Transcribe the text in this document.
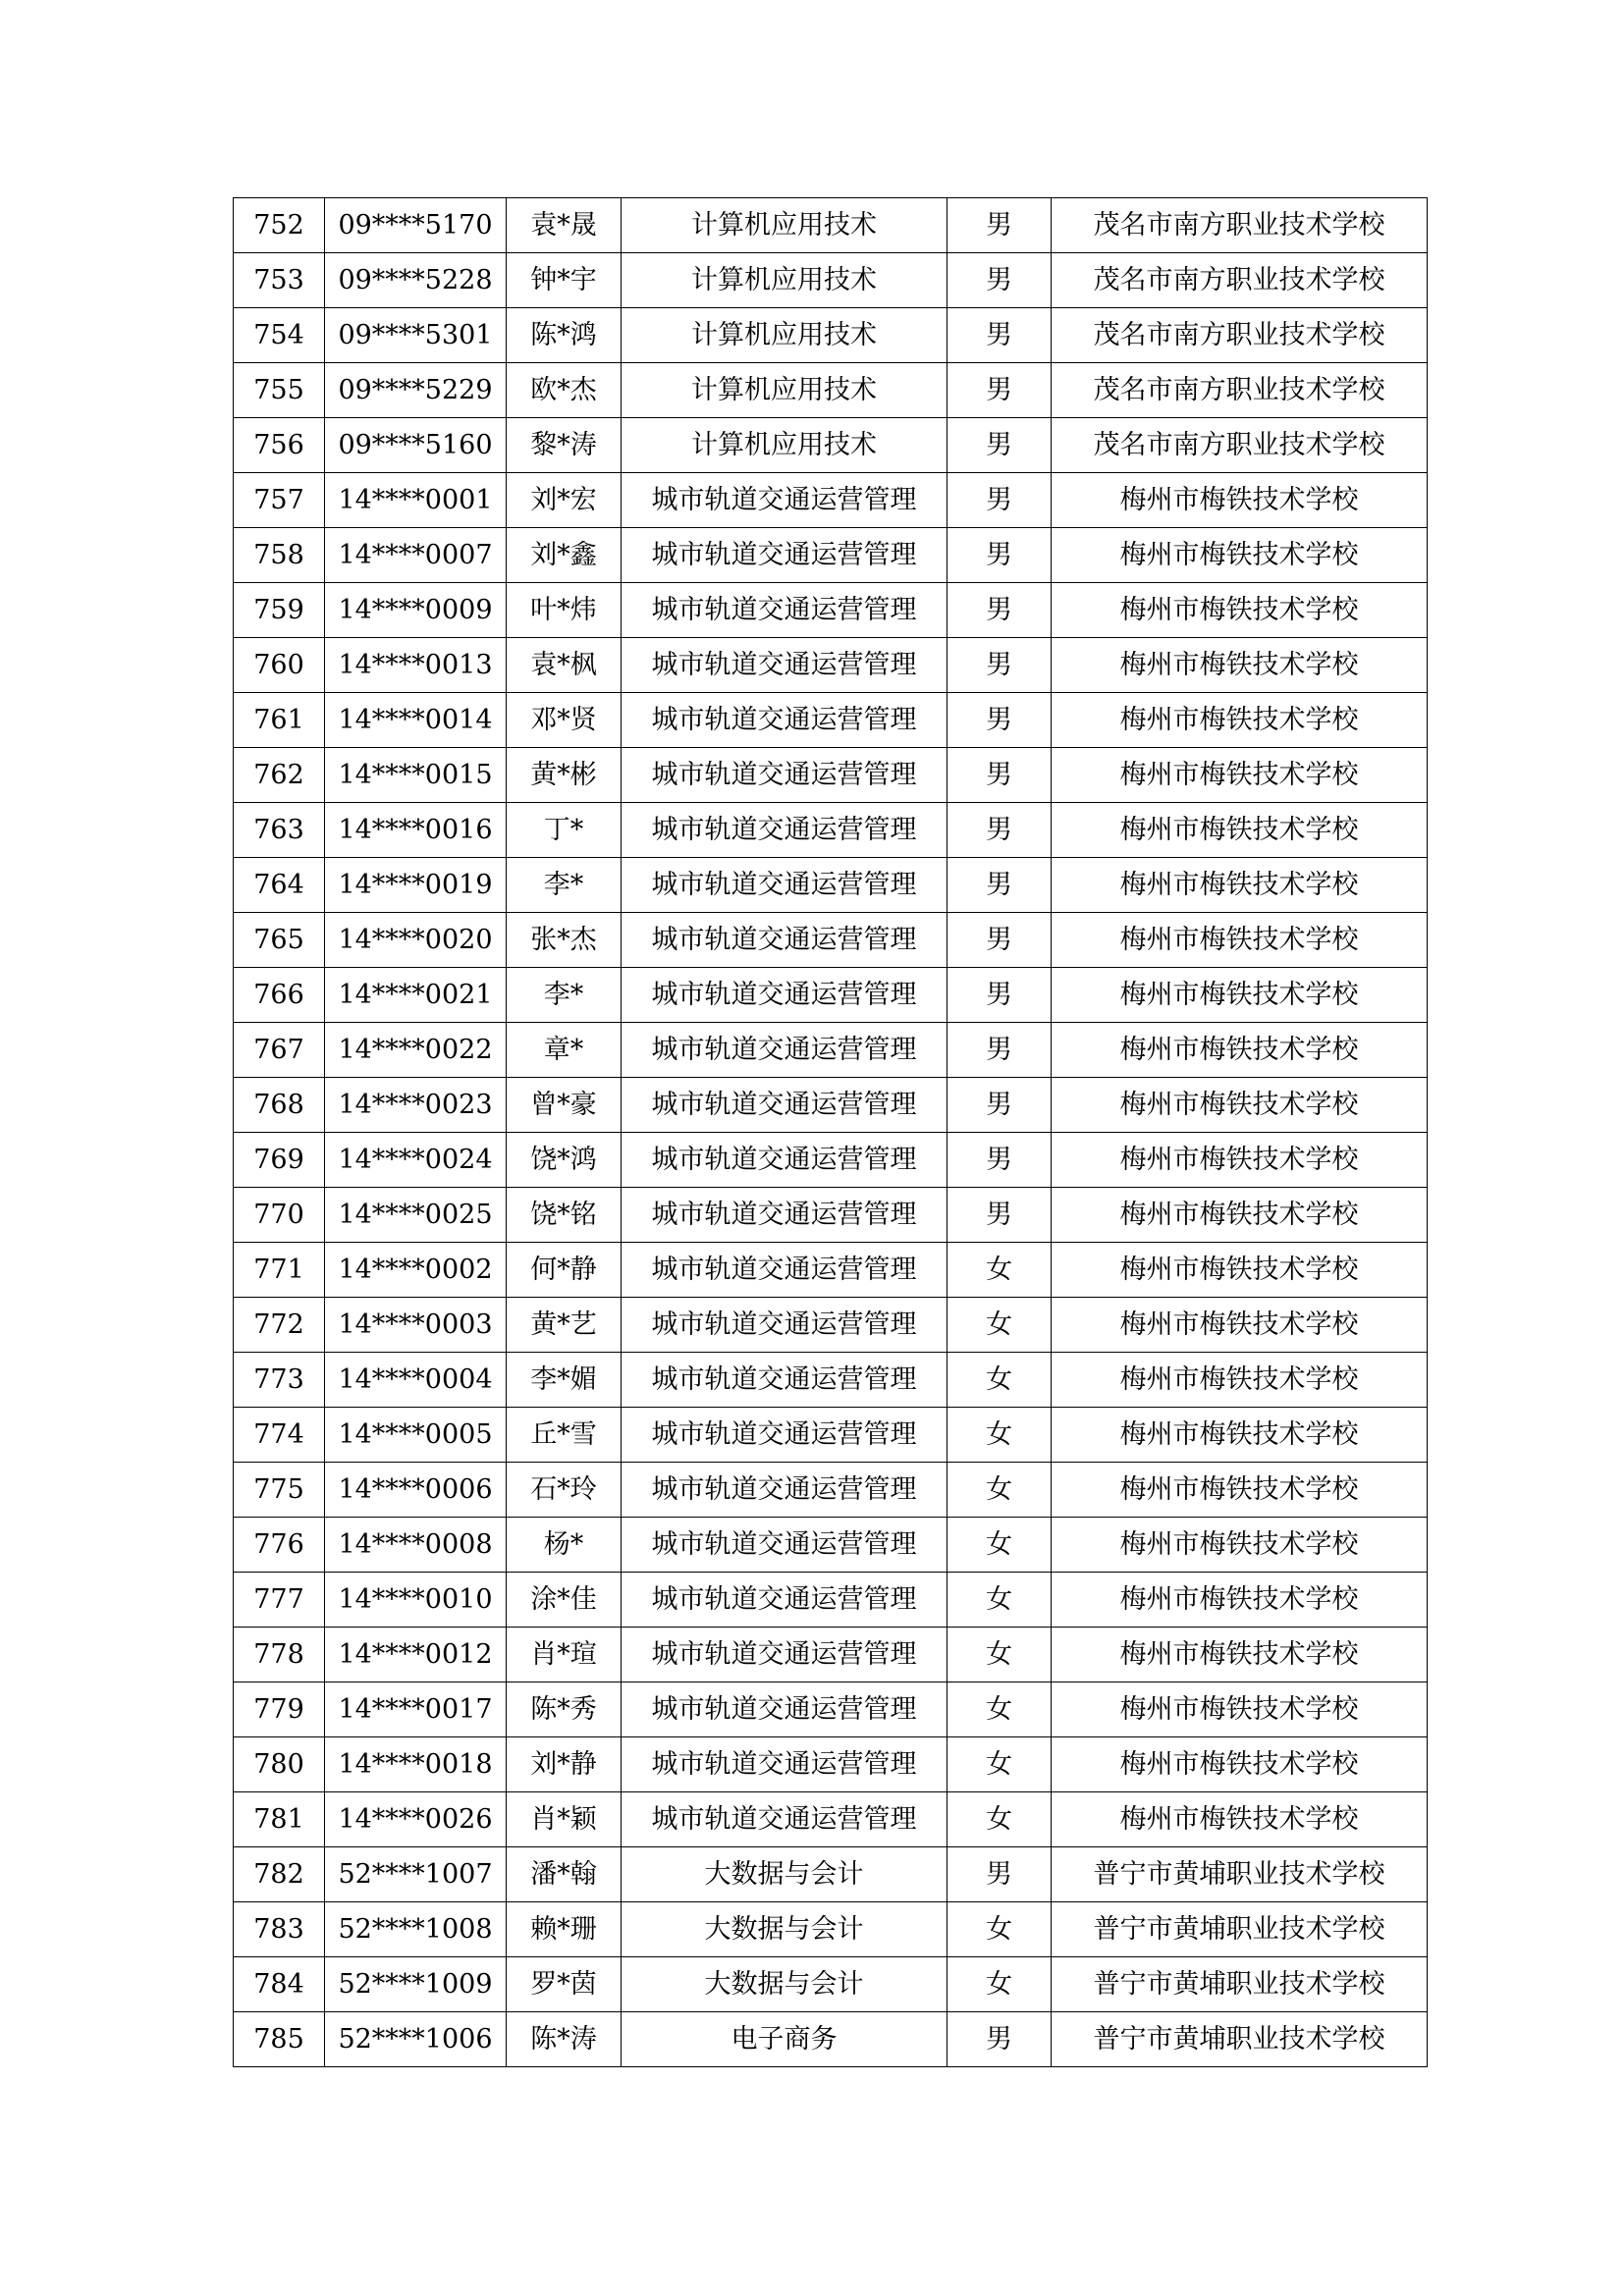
752	09****5170	袁*晟	计算机应用技术	男	茂名市南方职业技术学校
753	09****5228	钟*宇	计算机应用技术	男	茂名市南方职业技术学校
754	09****5301	陈*鸿	计算机应用技术	男	茂名市南方职业技术学校
755	09****5229	欧*杰	计算机应用技术	男	茂名市南方职业技术学校
756	09****5160	黎*涛	计算机应用技术	男	茂名市南方职业技术学校
757	14****0001	刘*宏	城市轨道交通运营管理	男	梅州市梅铁技术学校
758	14****0007	刘*鑫	城市轨道交通运营管理	男	梅州市梅铁技术学校
759	14****0009	叶*炜	城市轨道交通运营管理	男	梅州市梅铁技术学校
760	14****0013	袁*枫	城市轨道交通运营管理	男	梅州市梅铁技术学校
761	14****0014	邓*贤	城市轨道交通运营管理	男	梅州市梅铁技术学校
762	14****0015	黄*彬	城市轨道交通运营管理	男	梅州市梅铁技术学校
763	14****0016	丁*	城市轨道交通运营管理	男	梅州市梅铁技术学校
764	14****0019	李*	城市轨道交通运营管理	男	梅州市梅铁技术学校
765	14****0020	张*杰	城市轨道交通运营管理	男	梅州市梅铁技术学校
766	14****0021	李*	城市轨道交通运营管理	男	梅州市梅铁技术学校
767	14****0022	章*	城市轨道交通运营管理	男	梅州市梅铁技术学校
768	14****0023	曾*豪	城市轨道交通运营管理	男	梅州市梅铁技术学校
769	14****0024	饶*鸿	城市轨道交通运营管理	男	梅州市梅铁技术学校
770	14****0025	饶*铭	城市轨道交通运营管理	男	梅州市梅铁技术学校
771	14****0002	何*静	城市轨道交通运营管理	女	梅州市梅铁技术学校
772	14****0003	黄*艺	城市轨道交通运营管理	女	梅州市梅铁技术学校
773	14****0004	李*媚	城市轨道交通运营管理	女	梅州市梅铁技术学校
774	14****0005	丘*雪	城市轨道交通运营管理	女	梅州市梅铁技术学校
775	14****0006	石*玲	城市轨道交通运营管理	女	梅州市梅铁技术学校
776	14****0008	杨*	城市轨道交通运营管理	女	梅州市梅铁技术学校
777	14****0010	涂*佳	城市轨道交通运营管理	女	梅州市梅铁技术学校
778	14****0012	肖*瑄	城市轨道交通运营管理	女	梅州市梅铁技术学校
779	14****0017	陈*秀	城市轨道交通运营管理	女	梅州市梅铁技术学校
780	14****0018	刘*静	城市轨道交通运营管理	女	梅州市梅铁技术学校
781	14****0026	肖*颖	城市轨道交通运营管理	女	梅州市梅铁技术学校
782	52****1007	潘*翰	大数据与会计	男	普宁市黄埔职业技术学校
783	52****1008	赖*珊	大数据与会计	女	普宁市黄埔职业技术学校
784	52****1009	罗*茵	大数据与会计	女	普宁市黄埔职业技术学校
785	52****1006	陈*涛	电子商务	男	普宁市黄埔职业技术学校
